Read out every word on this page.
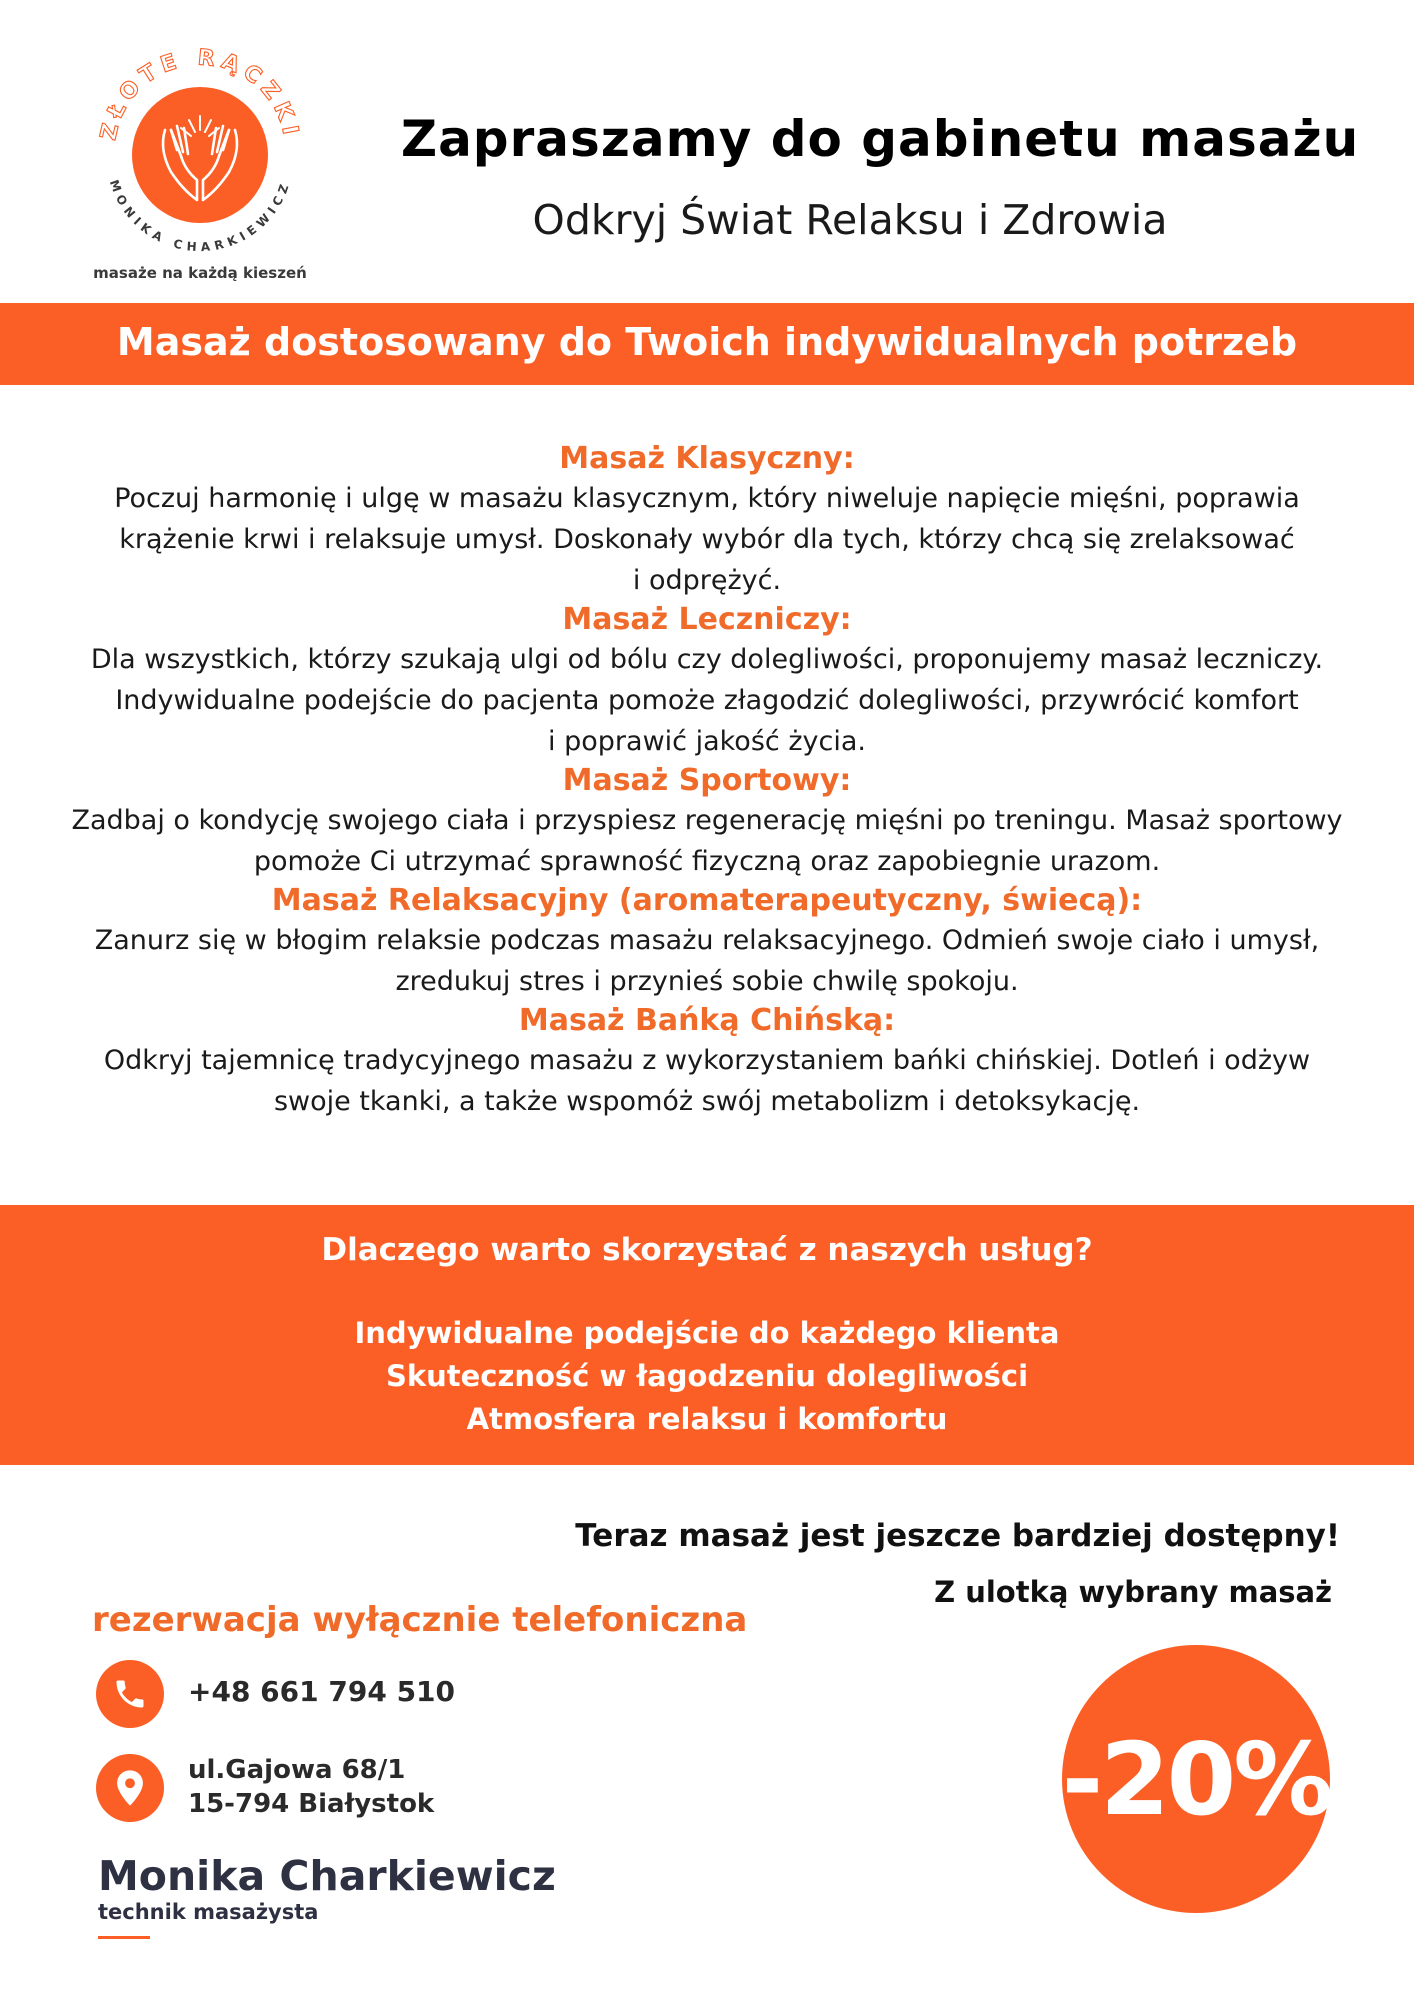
ZŁOTE RĄCZKI
MONIKA CHARKIEWICZ
masaże na każdą kieszeń
Zapraszamy do gabinetu masażu
Odkryj Świat Relaksu i Zdrowia
Masaż dostosowany do Twoich indywidualnych potrzeb
Masaż Klasyczny:
Poczuj harmonię i ulgę w masażu klasycznym, który niweluje napięcie mięśni, poprawia
krążenie krwi i relaksuje umysł. Doskonały wybór dla tych, którzy chcą się zrelaksować
i odprężyć.
Masaż Leczniczy:
Dla wszystkich, którzy szukają ulgi od bólu czy dolegliwości, proponujemy masaż leczniczy.
Indywidualne podejście do pacjenta pomoże złagodzić dolegliwości, przywrócić komfort
i poprawić jakość życia.
Masaż Sportowy:
Zadbaj o kondycję swojego ciała i przyspiesz regenerację mięśni po treningu. Masaż sportowy
pomoże Ci utrzymać sprawność fizyczną oraz zapobiegnie urazom.
Masaż Relaksacyjny (aromaterapeutyczny, świecą):
Zanurz się w błogim relaksie podczas masażu relaksacyjnego. Odmień swoje ciało i umysł,
zredukuj stres i przynieś sobie chwilę spokoju.
Masaż Bańką Chińską:
Odkryj tajemnicę tradycyjnego masażu z wykorzystaniem bańki chińskiej. Dotleń i odżyw
swoje tkanki, a także wspomóż swój metabolizm i detoksykację.
Dlaczego warto skorzystać z naszych usług?
Indywidualne podejście do każdego klienta
Skuteczność w łagodzeniu dolegliwości
Atmosfera relaksu i komfortu
Teraz masaż jest jeszcze bardziej dostępny!
Z ulotką wybrany masaż
rezerwacja wyłącznie telefoniczna
+48 661 794 510
ul.Gajowa 68/1
15-794 Białystok
Monika Charkiewicz
technik masażysta
-20%
